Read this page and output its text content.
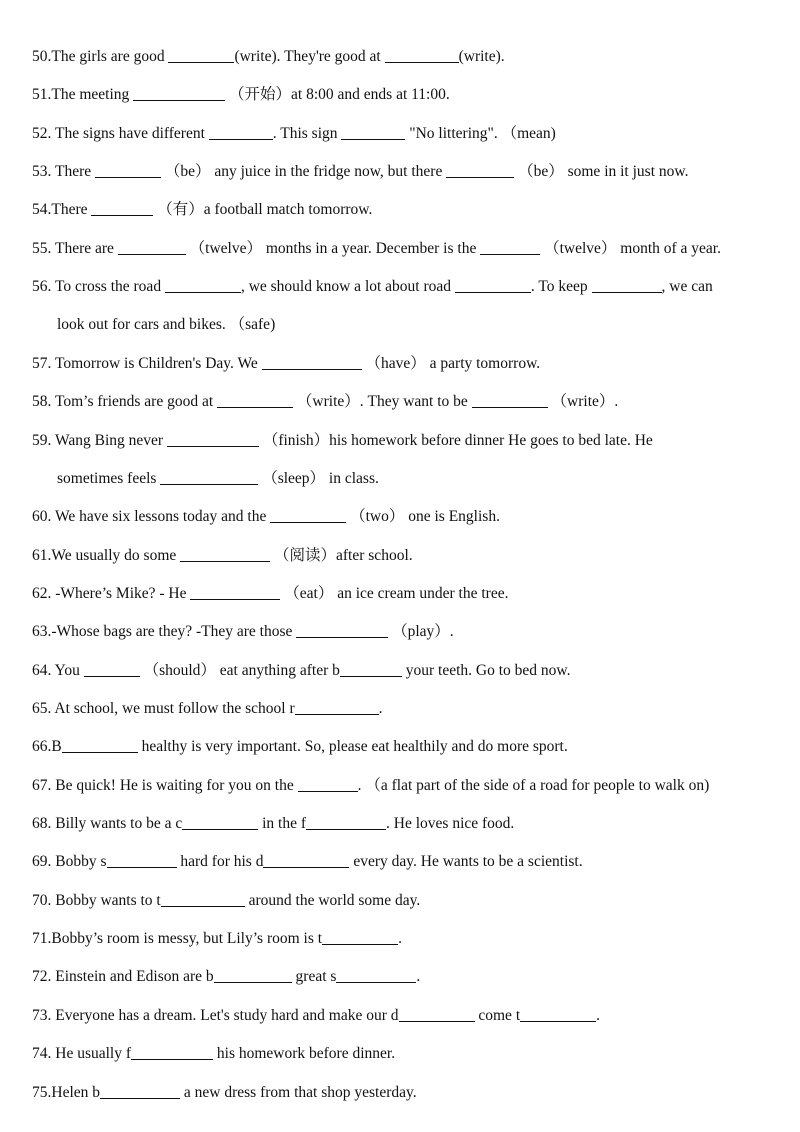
50.The girls are good	(write). They're good at	(write).
51.The meeting	（开始）at 8:00 and ends at 11:00.
52. The signs have different	. This sign	"No littering". （mean)
53. There	（be） any juice in the fridge now, but there	（be） some in it just now.
54.There	（有）a football match tomorrow.
55. There are	（twelve） months in a year. December is the	（twelve） month of a year.
56. To cross the road	, we should know a lot about road	. To keep	, we can
look out for cars and bikes. （safe)
57. Tomorrow is Children's Day. We	（have） a party tomorrow.
58. Tom’s friends are good at	（write）. They want to be	（write）.
59. Wang Bing never	（finish）his homework before dinner He goes to bed late. He
sometimes feels	（sleep） in class.
60. We have six lessons today and the	（two） one is English.
61.We usually do some	（阅读）after school.
62. -Where’s Mike? - He	（eat） an ice cream under the tree.
63.-Whose bags are they? -They are those	（play）.
64. You	（should） eat anything after b	your teeth. Go to bed now.
65. At school, we must follow the school r	.
66.B	healthy is very important. So, please eat healthily and do more sport.
67. Be quick! He is waiting for you on the	. （a flat part of the side of a road for people to walk on)
68. Billy wants to be a c	in the f	. He loves nice food.
69. Bobby s	hard for his d	every day. He wants to be a scientist.
70. Bobby wants to t	around the world some day.
71.Bobby’s room is messy, but Lily’s room is t	.
72. Einstein and Edison are b	great s	.
73. Everyone has a dream. Let's study hard and make our d	come t	.
74. He usually f	his homework before dinner.
75.Helen b	a new dress from that shop yesterday.
